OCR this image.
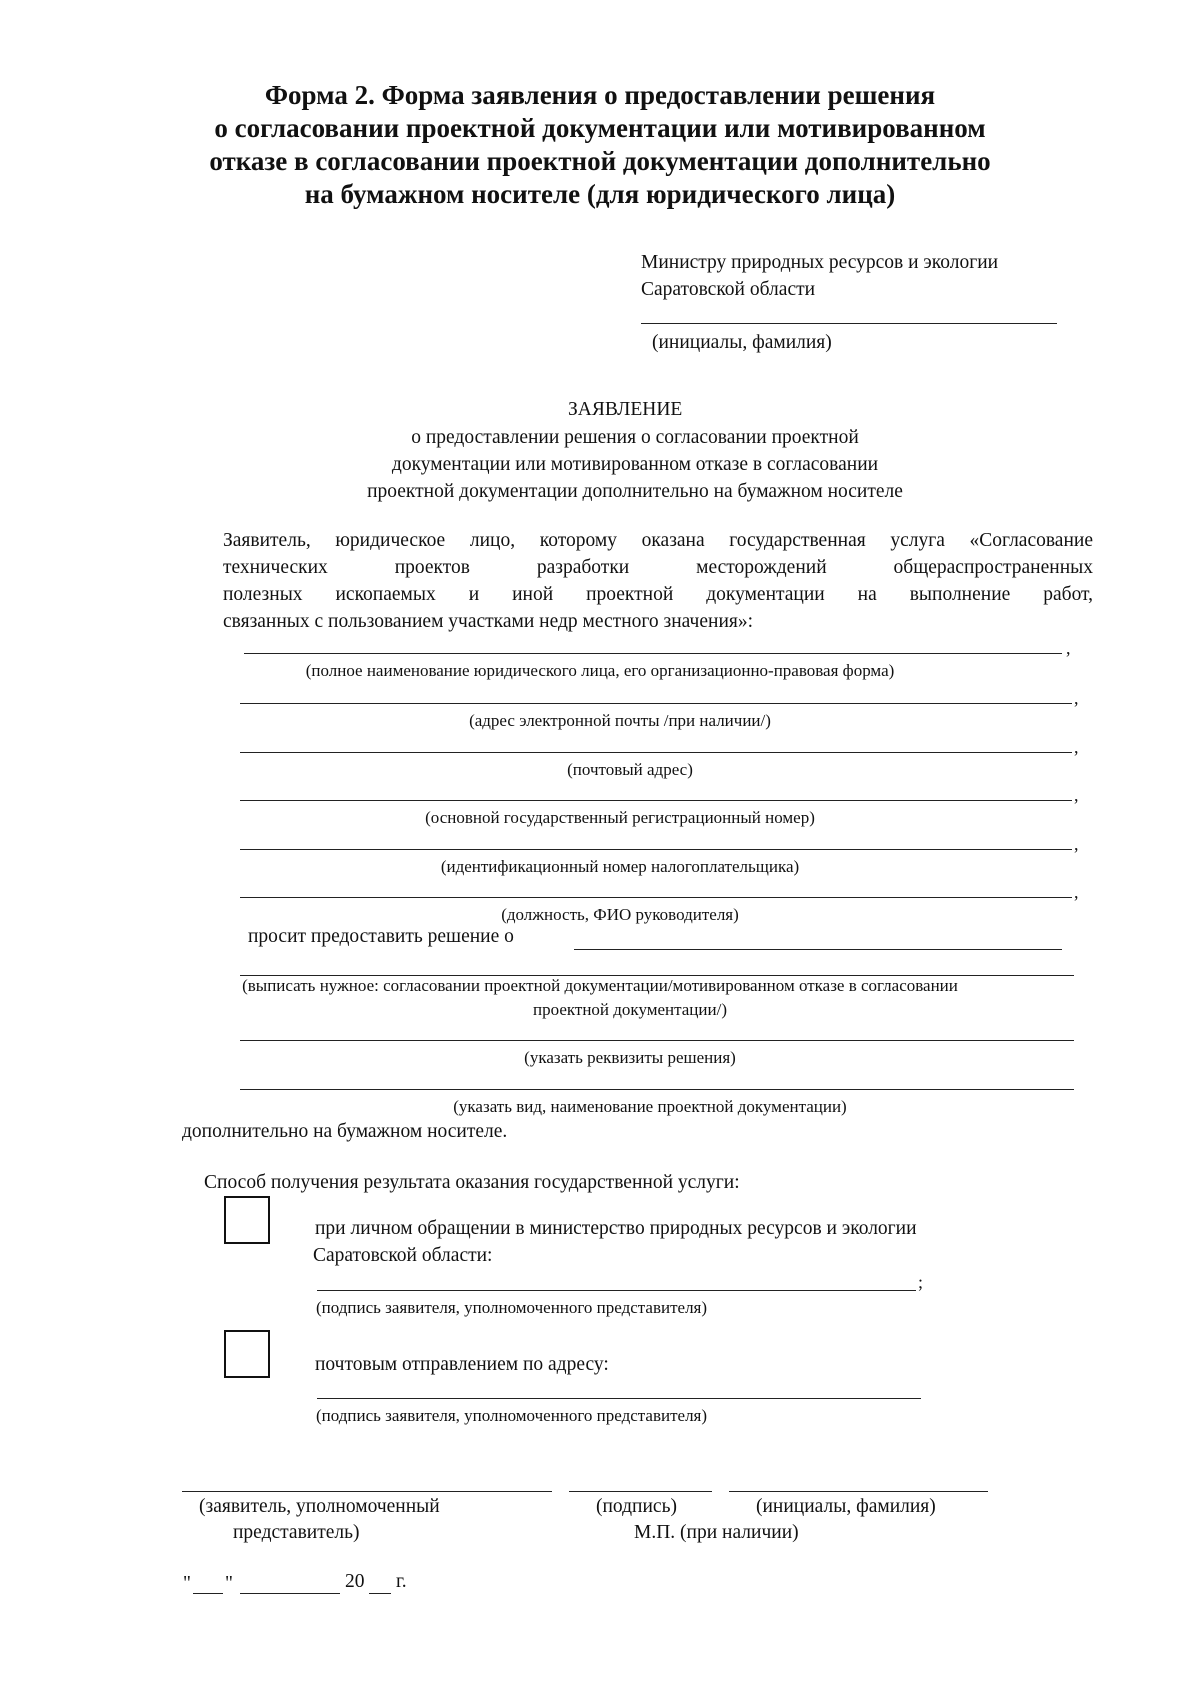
Форма 2. Форма заявления о предоставлении решения
о согласовании проектной документации или мотивированном
отказе в согласовании проектной документации дополнительно
на бумажном носителе (для юридического лица)
Министру природных ресурсов и экологии
Саратовской области
(инициалы, фамилия)
ЗАЯВЛЕНИЕ
о предоставлении решения о согласовании проектной
документации или мотивированном отказе в согласовании
проектной документации дополнительно на бумажном носителе
Заявитель, юридическое лицо, которому оказана государственная услуга «Согласование
технических проектов разработки месторождений общераспространенных
полезных ископаемых и иной проектной документации на выполнение работ,
связанных с пользованием участками недр местного значения»:
,
(полное наименование юридического лица, его организационно-правовая форма)
,
(адрес электронной почты /при наличии/)
,
(почтовый адрес)
,
(основной государственный регистрационный номер)
,
(идентификационный номер налогоплательщика)
,
(должность, ФИО руководителя)
просит предоставить решение о
(выписать нужное: согласовании проектной документации/мотивированном отказе в согласовании
проектной документации/)
(указать реквизиты решения)
(указать вид, наименование проектной документации)
дополнительно на бумажном носителе.
Способ получения результата оказания государственной услуги:
при личном обращении в министерство природных ресурсов и экологии
Саратовской области:
;
(подпись заявителя, уполномоченного представителя)
почтовым отправлением по адресу:
(подпись заявителя, уполномоченного представителя)
(заявитель, уполномоченный
представитель)
(подпись)	(инициалы, фамилия)
М.П. (при наличии)
" "	20 г.
